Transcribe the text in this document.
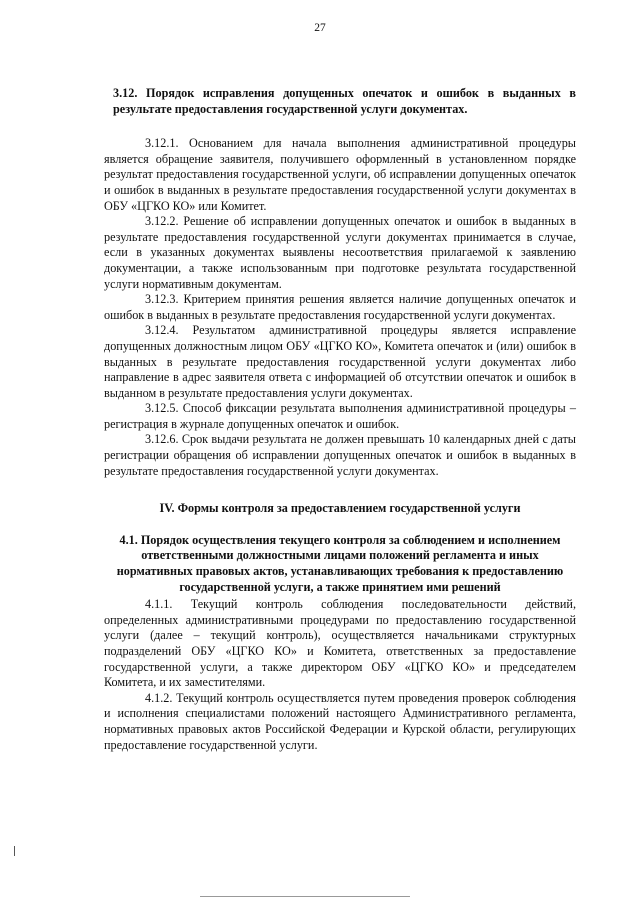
27
3.12. Порядок исправления допущенных опечаток и ошибок в выданных в результате предоставления государственной услуги документах.

3.12.1. Основанием для начала выполнения административной процедуры является обращение заявителя, получившего оформленный в установленном порядке результат предоставления государственной услуги, об исправлении допущенных опечаток и ошибок в выданных в результате предоставления государственной услуги документах в ОБУ «ЦГКО КО» или Комитет.

3.12.2. Решение об исправлении допущенных опечаток и ошибок в выданных в результате предоставления государственной услуги документах принимается в случае, если в указанных документах выявлены несоответствия прилагаемой к заявлению документации, а также использованным при подготовке результата государственной услуги нормативным документам.

3.12.3. Критерием принятия решения является наличие допущенных опечаток и ошибок в выданных в результате предоставления государственной услуги документах.

3.12.4. Результатом административной процедуры является исправление допущенных должностным лицом ОБУ «ЦГКО КО», Комитета опечаток и (или) ошибок в выданных в результате предоставления государственной услуги документах либо направление в адрес заявителя ответа с информацией об отсутствии опечаток и ошибок в выданном в результате предоставления услуги документах.

3.12.5. Способ фиксации результата выполнения административной процедуры – регистрация в журнале допущенных опечаток и ошибок.

3.12.6. Срок выдачи результата не должен превышать 10 календарных дней с даты регистрации обращения об исправлении допущенных опечаток и ошибок в выданных в результате предоставления государственной услуги документах.

IV. Формы контроля за предоставлением государственной услуги
4.1. Порядок осуществления текущего контроля за соблюдением и исполнением ответственными должностными лицами положений регламента и иных нормативных правовых актов, устанавливающих требования к предоставлению государственной услуги, а также принятием ими решений

4.1.1. Текущий контроль соблюдения последовательности действий, определенных административными процедурами по предоставлению государственной услуги (далее – текущий контроль), осуществляется начальниками структурных подразделений ОБУ «ЦГКО КО» и Комитета, ответственных за предоставление государственной услуги, а также директором ОБУ «ЦГКО КО» и председателем Комитета, и их заместителями.

4.1.2. Текущий контроль осуществляется путем проведения проверок соблюдения и исполнения специалистами положений настоящего Административного регламента, нормативных правовых актов Российской Федерации и Курской области, регулирующих предоставление государственной услуги.
